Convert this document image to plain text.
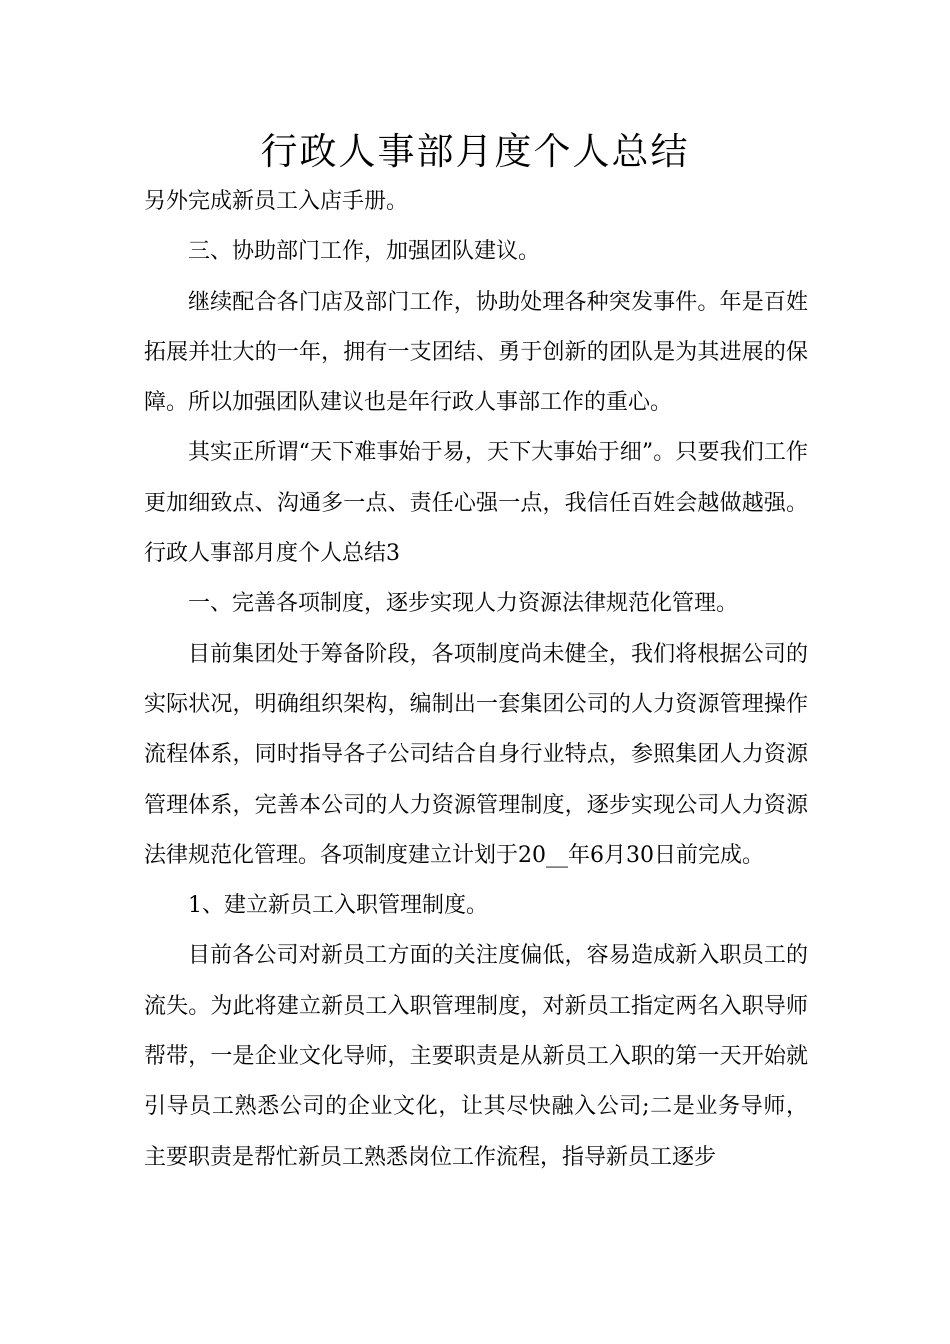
行政人事部月度个人总结

另外完成新员工入店手册。

三、协助部门工作，加强团队建议。

继续配合各门店及部门工作，协助处理各种突发事件。年是百姓拓展并壮大的一年，拥有一支团结、勇于创新的团队是为其进展的保障。所以加强团队建议也是年行政人事部工作的重心。

其实正所谓“天下难事始于易，天下大事始于细”。只要我们工作更加细致点、沟通多一点、责任心强一点，我信任百姓会越做越强。行政人事部月度个人总结3

一、完善各项制度，逐步实现人力资源法律规范化管理。

目前集团处于筹备阶段，各项制度尚未健全，我们将根据公司的实际状况，明确组织架构，编制出一套集团公司的人力资源管理操作流程体系，同时指导各子公司结合自身行业特点，参照集团人力资源管理体系，完善本公司的人力资源管理制度，逐步实现公司人力资源法律规范化管理。各项制度建立计划于20__年6月30日前完成。

1、建立新员工入职管理制度。

目前各公司对新员工方面的关注度偏低，容易造成新入职员工的流失。为此将建立新员工入职管理制度，对新员工指定两名入职导师帮带，一是企业文化导师，主要职责是从新员工入职的第一天开始就引导员工熟悉公司的企业文化，让其尽快融入公司;二是业务导师，主要职责是帮忙新员工熟悉岗位工作流程，指导新员工逐步
